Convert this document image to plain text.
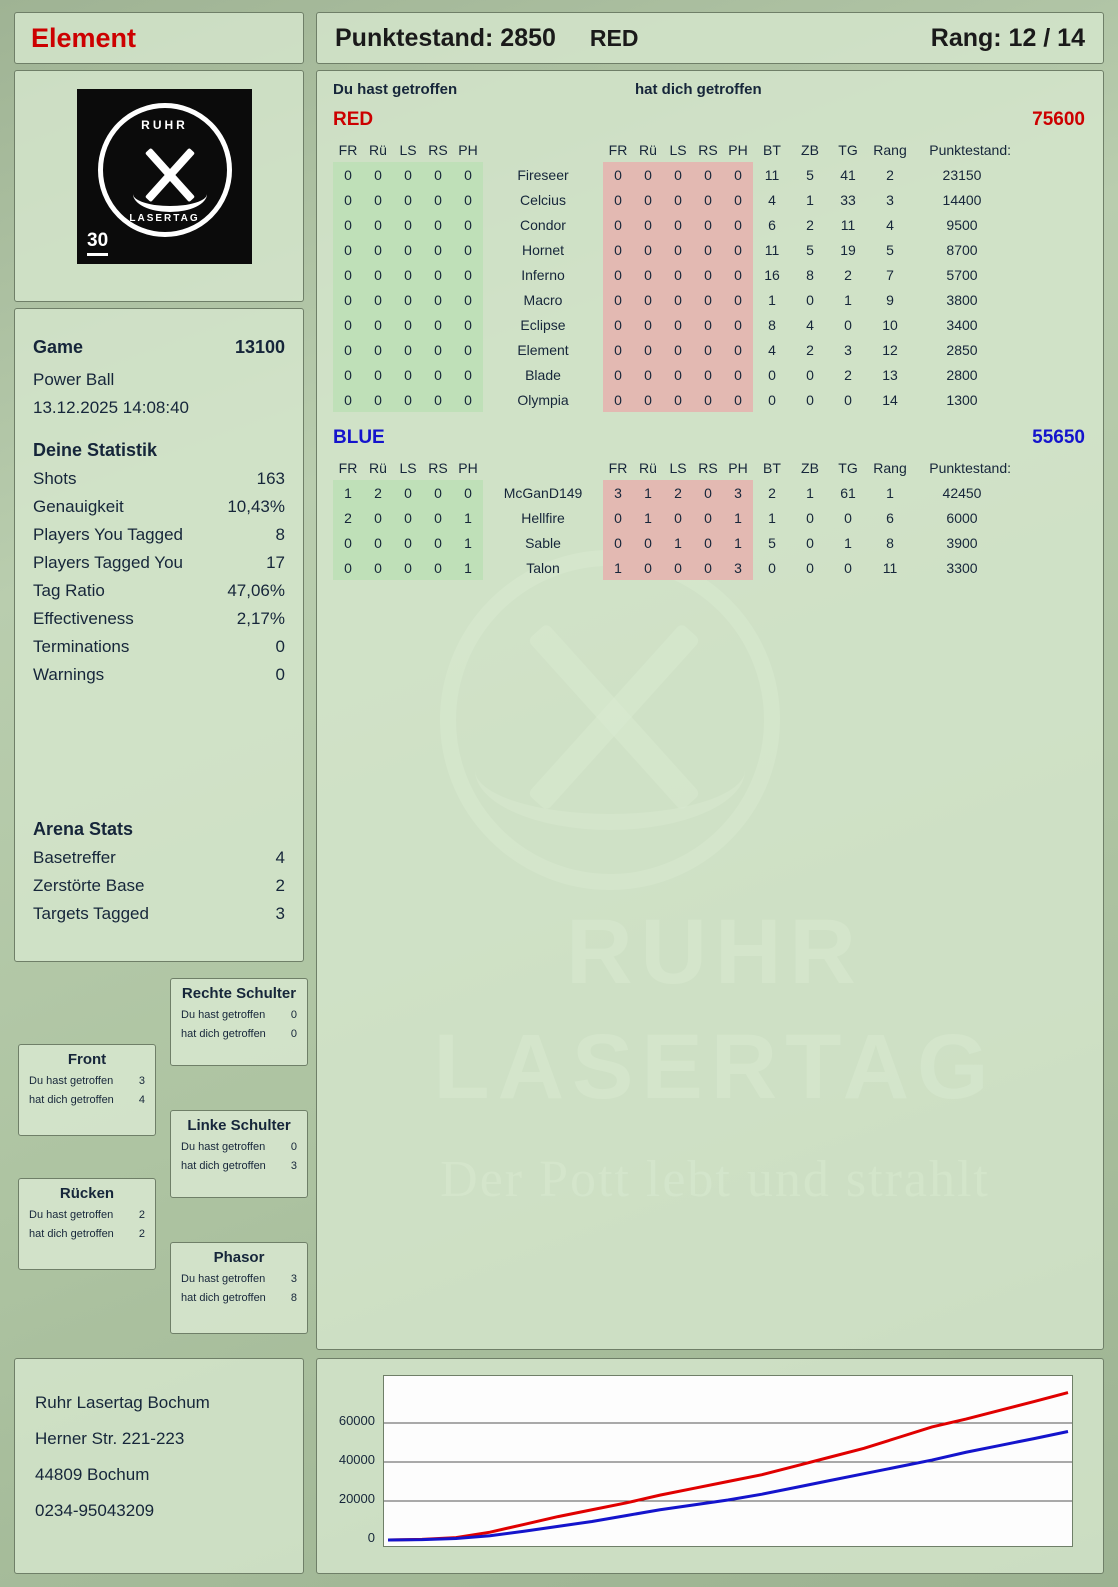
Element	Punktestand: 2850 RED	Rang: 12 / 14
RUHR
LASERTAG
30
Game	13100
Power Ball
13.12.2025 14:08:40
Deine Statistik
Shots	163
Genauigkeit	10,43%
Players You Tagged	8
Players Tagged You	17
Tag Ratio	47,06%
Effectiveness	2,17%
Terminations	0
Warnings	0
Arena Stats
Basetreffer	4
Zerstörte Base	2
Targets Tagged	3
Rechte Schulter
Du hast getroffen 0
hat dich getroffen 0
Front
Du hast getroffen 3
hat dich getroffen 4
Linke Schulter
Du hast getroffen 0
hat dich getroffen 3
Rücken
Du hast getroffen 2
hat dich getroffen 2
Phasor
Du hast getroffen 3
hat dich getroffen 8
Ruhr Lasertag Bochum
Herner Str. 221-223
44809 Bochum
0234-95043209
Du hast getroffen	hat dich getroffen
RED	75600
FR	Rü	LS	RS	PH		FR	Rü	LS	RS	PH	BT	ZB	TG	Rang	Punktestand:
0	0	0	0	0	Fireseer	0	0	0	0	0	11	5	41	2	23150
0	0	0	0	0	Celcius	0	0	0	0	0	4	1	33	3	14400
0	0	0	0	0	Condor	0	0	0	0	0	6	2	11	4	9500
0	0	0	0	0	Hornet	0	0	0	0	0	11	5	19	5	8700
0	0	0	0	0	Inferno	0	0	0	0	0	16	8	2	7	5700
0	0	0	0	0	Macro	0	0	0	0	0	1	0	1	9	3800
0	0	0	0	0	Eclipse	0	0	0	0	0	8	4	0	10	3400
0	0	0	0	0	Element	0	0	0	0	0	4	2	3	12	2850
0	0	0	0	0	Blade	0	0	0	0	0	0	0	2	13	2800
0	0	0	0	0	Olympia	0	0	0	0	0	0	0	0	14	1300
BLUE	55650
FR	Rü	LS	RS	PH		FR	Rü	LS	RS	PH	BT	ZB	TG	Rang	Punktestand:
1	2	0	0	0	McGanD149	3	1	2	0	3	2	1	61	1	42450
2	0	0	0	1	Hellfire	0	1	0	0	1	1	0	0	6	6000
0	0	0	0	1	Sable	0	0	1	0	1	5	0	1	8	3900
0	0	0	0	1	Talon	1	0	0	0	3	0	0	0	11	3300
0
20000
40000
60000
